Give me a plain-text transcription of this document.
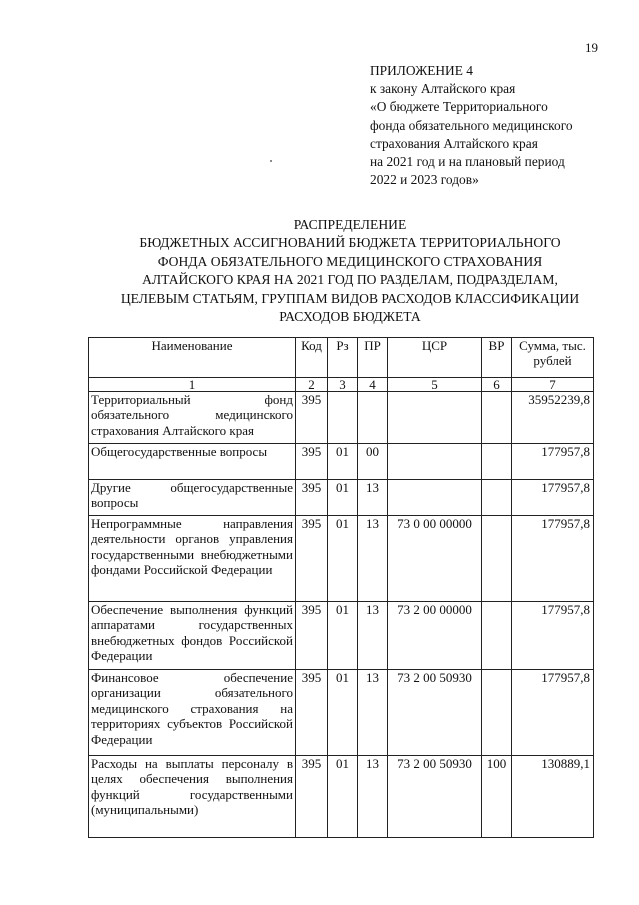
19
ПРИЛОЖЕНИЕ 4
к закону Алтайского края
«О бюджете Территориального
фонда обязательного медицинского
страхования Алтайского края
на 2021 год и на плановый период
2022 и 2023 годов»
РАСПРЕДЕЛЕНИЕ
БЮДЖЕТНЫХ АССИГНОВАНИЙ БЮДЖЕТА ТЕРРИТОРИАЛЬНОГО
ФОНДА ОБЯЗАТЕЛЬНОГО МЕДИЦИНСКОГО СТРАХОВАНИЯ
АЛТАЙСКОГО КРАЯ НА 2021 ГОД ПО РАЗДЕЛАМ, ПОДРАЗДЕЛАМ,
ЦЕЛЕВЫМ СТАТЬЯМ, ГРУППАМ ВИДОВ РАСХОДОВ КЛАССИФИКАЦИИ
РАСХОДОВ БЮДЖЕТА
Наименование	Код	Рз	ПР	ЦСР	ВР	Сумма, тыс. рублей
1	2	3	4	5	6	7
Территориальный фонд обязательного медицинского страхования Алтайского края	395					35952239,8
Общегосударственные вопросы	395	01	00			177957,8
Другие общегосударственные вопросы	395	01	13			177957,8
Непрограммные направления деятельности органов управления государственными внебюджетными фондами Российской Федерации	395	01	13	73 0 00 00000		177957,8
Обеспечение выполнения функций аппаратами государственных внебюджетных фондов Российской Федерации	395	01	13	73 2 00 00000		177957,8
Финансовое обеспечение организации обязательного медицинского страхования на территориях субъектов Российской Федерации	395	01	13	73 2 00 50930		177957,8
Расходы на выплаты персоналу в целях обеспечения выполнения функций государственными (муниципальными)	395	01	13	73 2 00 50930	100	130889,1
